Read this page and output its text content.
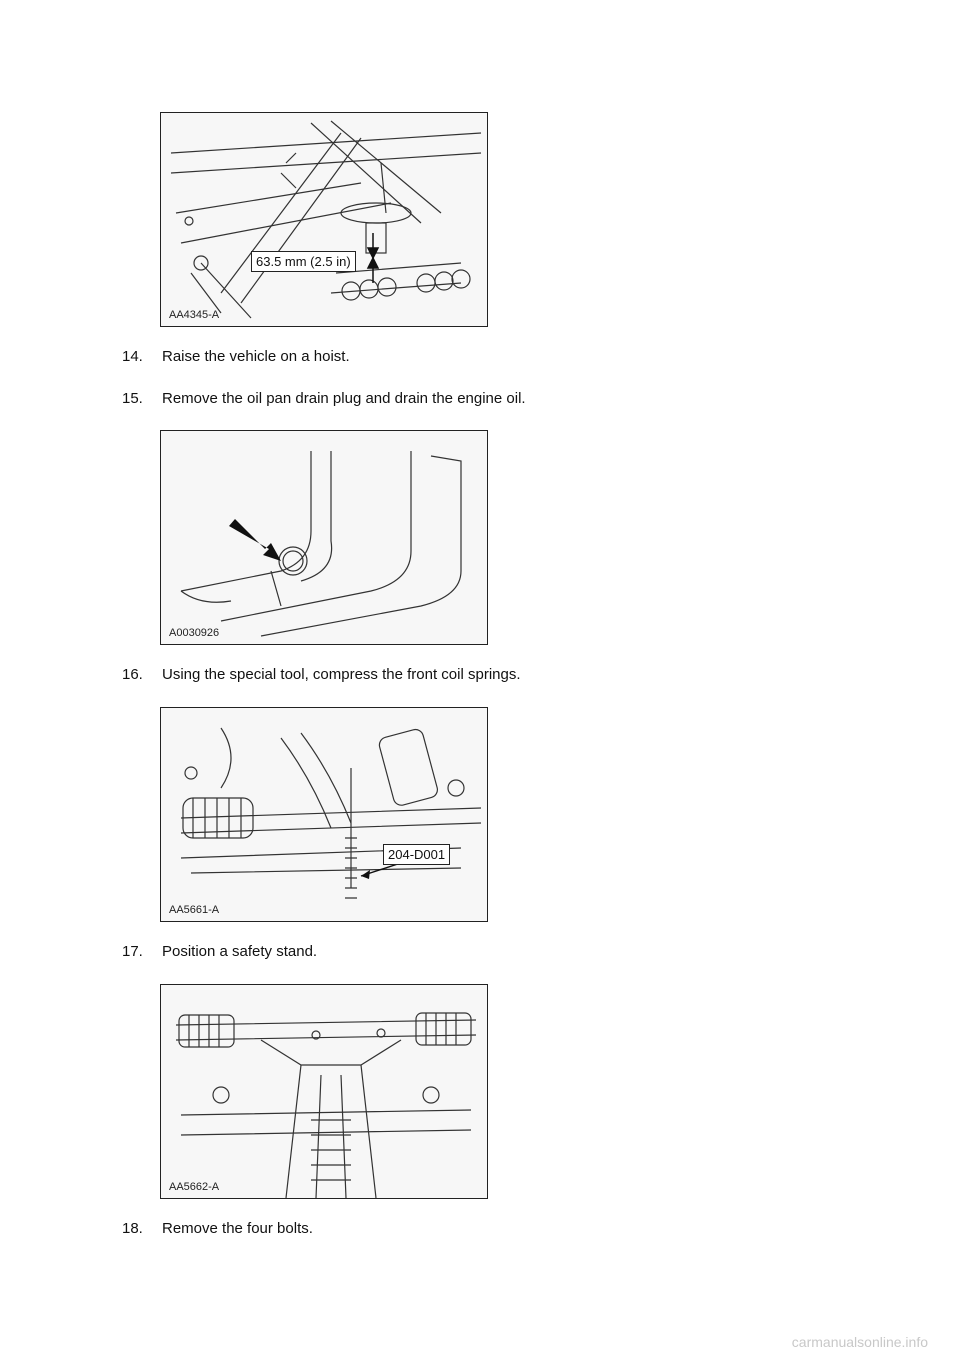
63.5 mm (2.5 in)
AA4345-A
14. Raise the vehicle on a hoist.
15. Remove the oil pan drain plug and drain the engine oil.
A0030926
16. Using the special tool, compress the front coil springs.
204-D001
AA5661-A
17. Position a safety stand.
AA5662-A
18. Remove the four bolts.
carmanualsonline.info
